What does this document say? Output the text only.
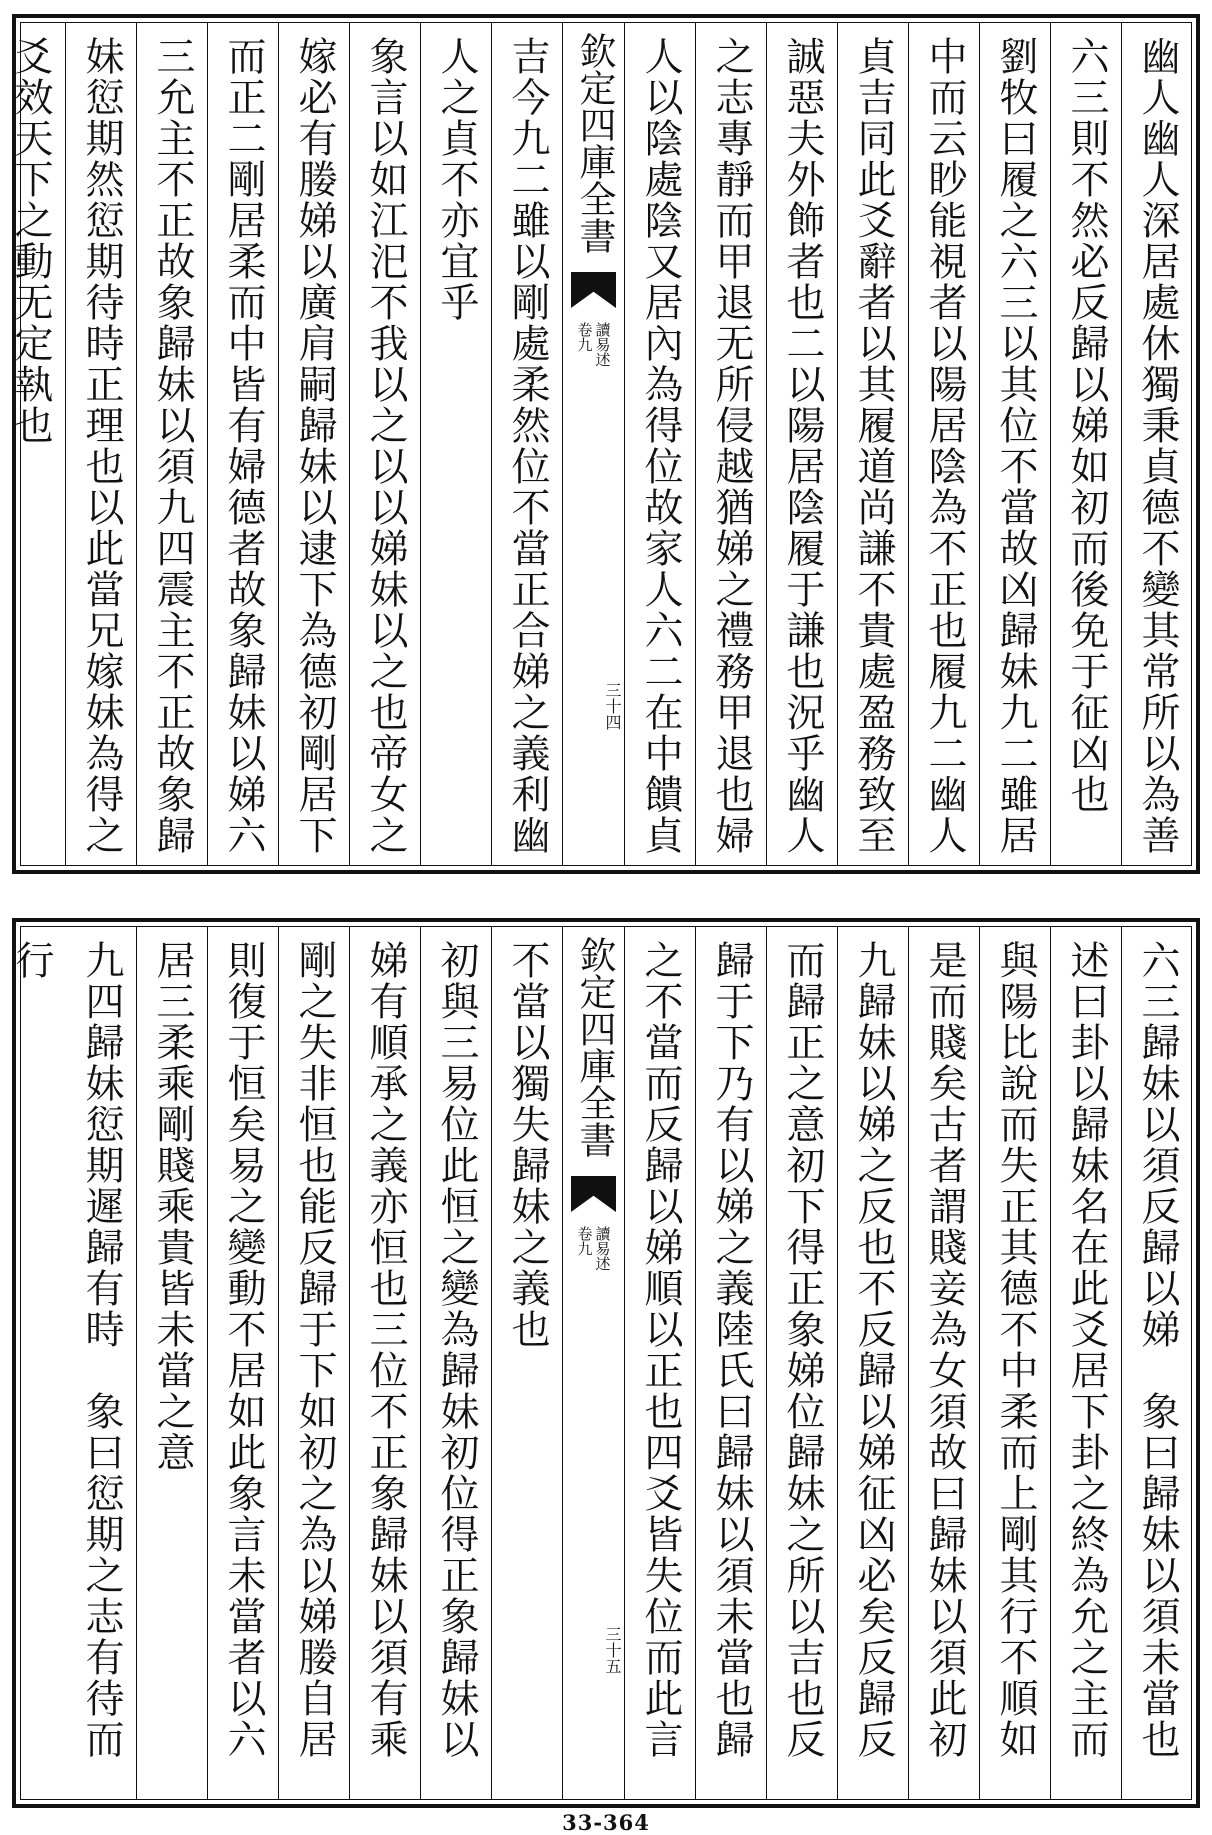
幽人幽人深居處休獨秉貞德不變其常所以為善
六三則不然必反歸以娣如初而後免于征凶也
劉牧曰履之六三以其位不當故凶歸妹九二雖居
中而云眇能視者以陽居陰為不正也履九二幽人
貞吉同此爻辭者以其履道尚謙不貴處盈務致至
誠惡夫外飾者也二以陽居陰履于謙也況乎幽人
之志專靜而甲退无所侵越猶娣之禮務甲退也婦
人以陰處陰又居內為得位故家人六二在中饋貞
欽定四庫全書
讀易述
卷九
三十四
吉今九二雖以剛處柔然位不當正合娣之義利幽
人之貞不亦宜乎
象言以如江汜不我以之以以娣妹以之也帝女之
嫁必有媵娣以廣肩嗣歸妹以逮下為德初剛居下
而正二剛居柔而中皆有婦德者故象歸妹以娣六
三允主不正故象歸妹以須九四震主不正故象歸
妹愆期然愆期待時正理也以此當兄嫁妹為得之
爻效天下之動无定執也
六三歸妹以須反歸以娣　象曰歸妹以須未當也
述曰卦以歸妹名在此爻居下卦之終為允之主而
與陽比說而失正其德不中柔而上剛其行不順如
是而賤矣古者謂賤妾為女須故曰歸妹以須此初
九歸妹以娣之反也不反歸以娣征凶必矣反歸反
而歸正之意初下得正象娣位歸妹之所以吉也反
歸于下乃有以娣之義陸氏曰歸妹以須未當也歸
之不當而反歸以娣順以正也四爻皆失位而此言
欽定四庫全書
讀易述
卷九
三十五
不當以獨失歸妹之義也
初與三易位此恒之變為歸妹初位得正象歸妹以
娣有順承之義亦恒也三位不正象歸妹以須有乘
剛之失非恒也能反歸于下如初之為以娣媵自居
則復于恒矣易之變動不居如此象言未當者以六
居三柔乘剛賤乘貴皆未當之意
九四歸妹愆期遲歸有時　象曰愆期之志有待而行
33-364
